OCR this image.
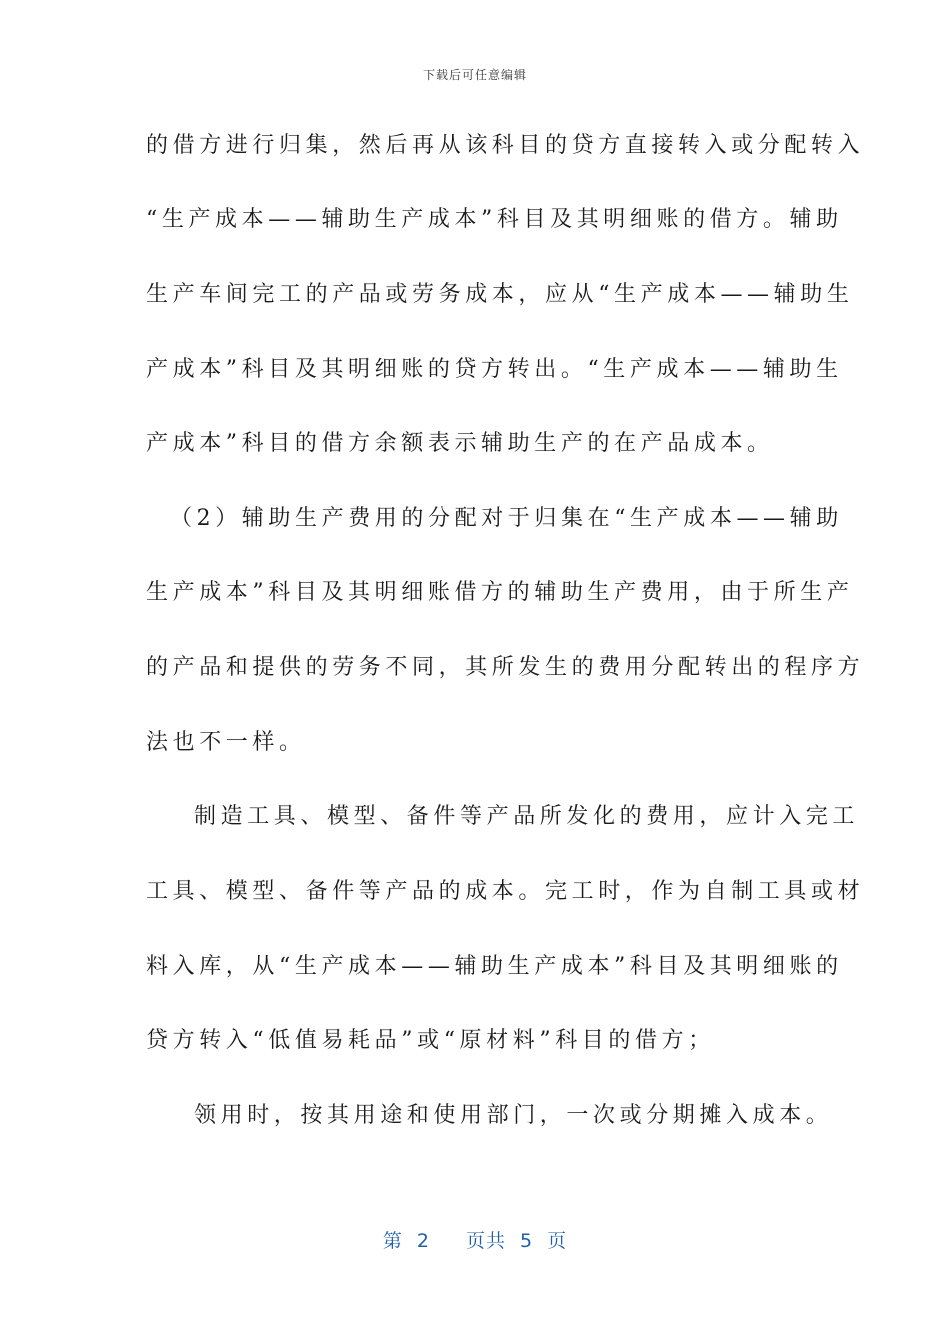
下载后可任意编辑
的借方进行归集，然后再从该科目的贷方直接转入或分配转入
“生产成本——辅助生产成本”科目及其明细账的借方。辅助
生产车间完工的产品或劳务成本，应从“生产成本——辅助生
产成本”科目及其明细账的贷方转出。“生产成本——辅助生
产成本”科目的借方余额表示辅助生产的在产品成本。
（2）辅助生产费用的分配对于归集在“生产成本——辅助
生产成本”科目及其明细账借方的辅助生产费用，由于所生产
的产品和提供的劳务不同，其所发生的费用分配转出的程序方
法也不一样。
制造工具、模型、备件等产品所发化的费用，应计入完工
工具、模型、备件等产品的成本。完工时，作为自制工具或材
料入库，从“生产成本——辅助生产成本”科目及其明细账的
贷方转入“低值易耗品”或“原材料”科目的借方；
领用时，按其用途和使用部门，一次或分期摊入成本。
第 2 页共 5 页
